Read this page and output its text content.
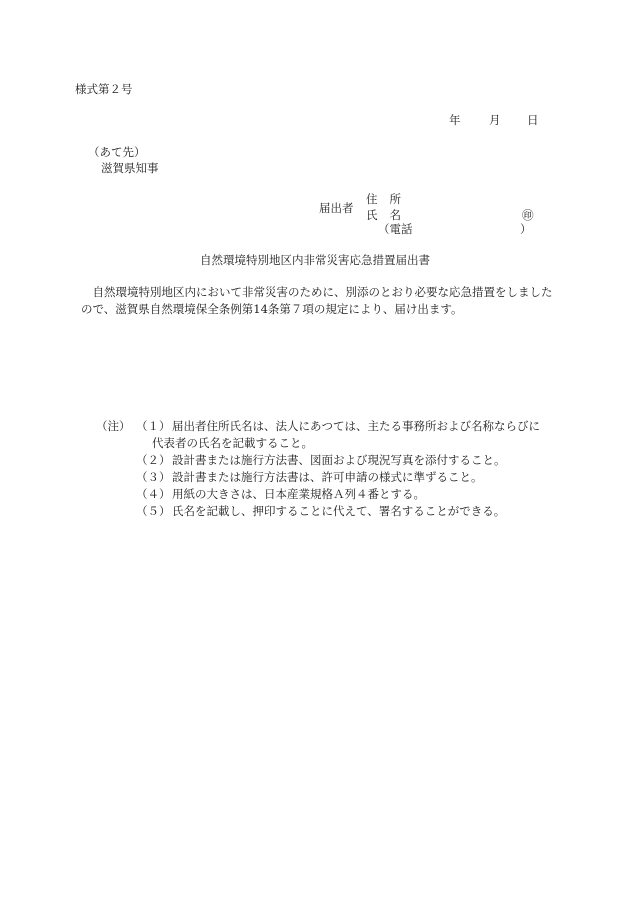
様式第２号
年 月 日
（あて先）
滋賀県知事
届出者
住所
氏名	㊞
（電話	）
自然環境特別地区内非常災害応急措置届出書
自然環境特別地区内において非常災害のために、別添のとおり必要な応急措置をしましたので、滋賀県自然環境保全条例第14条第７項の規定により、届け出ます。
（注） （１） 届出者住所氏名は、法人にあつては、主たる事務所および名称ならびに
代表者の氏名を記載すること。
（２） 設計書または施行方法書、図面および現況写真を添付すること。
（３） 設計書または施行方法書は、許可申請の様式に準ずること。
（４） 用紙の大きさは、日本産業規格Ａ列４番とする。
（５） 氏名を記載し、押印することに代えて、署名することができる。
